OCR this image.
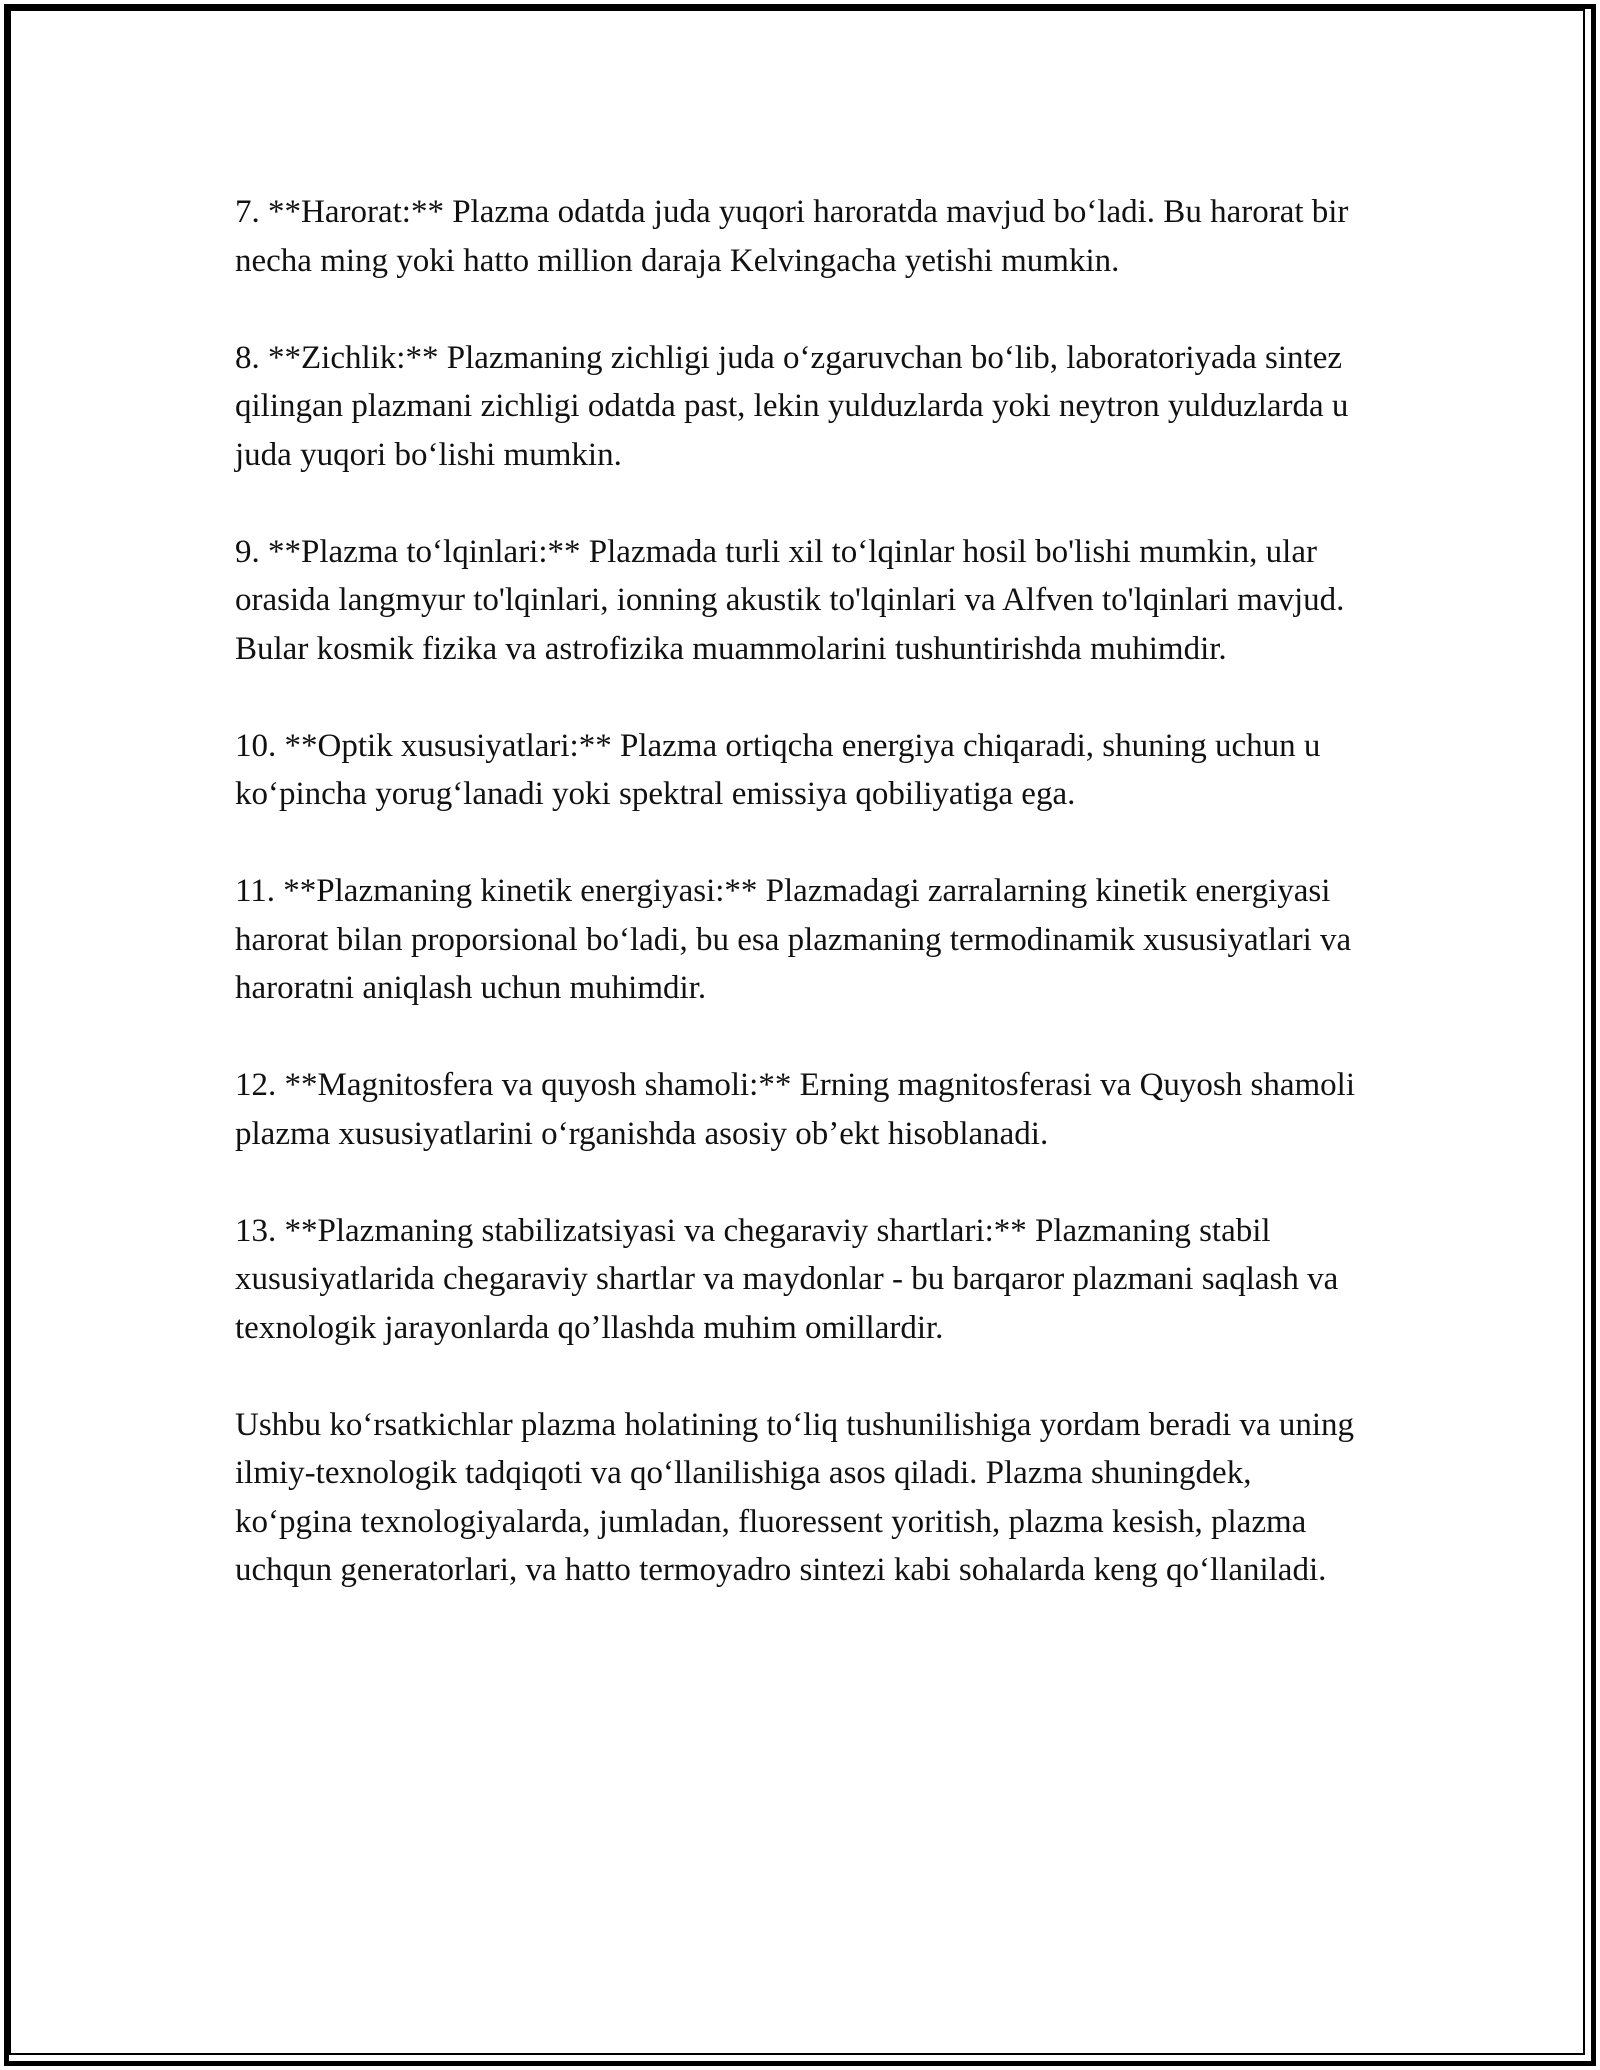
7. **Harorat:** Plazma odatda juda yuqori haroratda mavjud boʻladi. Bu harorat bir necha ming yoki hatto million daraja Kelvingacha yetishi mumkin.

8. **Zichlik:** Plazmaning zichligi juda oʻzgaruvchan boʻlib, laboratoriyada sintez qilingan plazmani zichligi odatda past, lekin yulduzlarda yoki neytron yulduzlarda u juda yuqori boʻlishi mumkin.

9. **Plazma toʻlqinlari:** Plazmada turli xil toʻlqinlar hosil bo'lishi mumkin, ular orasida langmyur to'lqinlari, ionning akustik to'lqinlari va Alfven to'lqinlari mavjud. Bular kosmik fizika va astrofizika muammolarini tushuntirishda muhimdir.

10. **Optik xususiyatlari:** Plazma ortiqcha energiya chiqaradi, shuning uchun u koʻpincha yorugʻlanadi yoki spektral emissiya qobiliyatiga ega.

11. **Plazmaning kinetik energiyasi:** Plazmadagi zarralarning kinetik energiyasi harorat bilan proporsional boʻladi, bu esa plazmaning termodinamik xususiyatlari va haroratni aniqlash uchun muhimdir.

12. **Magnitosfera va quyosh shamoli:** Erning magnitosferasi va Quyosh shamoli plazma xususiyatlarini oʻrganishda asosiy obʼekt hisoblanadi.

13. **Plazmaning stabilizatsiyasi va chegaraviy shartlari:** Plazmaning stabil xususiyatlarida chegaraviy shartlar va maydonlar - bu barqaror plazmani saqlash va texnologik jarayonlarda qoʼllashda muhim omillardir.

Ushbu koʻrsatkichlar plazma holatining toʻliq tushunilishiga yordam beradi va uning ilmiy-texnologik tadqiqoti va qoʻllanilishiga asos qiladi. Plazma shuningdek, koʻpgina texnologiyalarda, jumladan, fluoressent yoritish, plazma kesish, plazma uchqun generatorlari, va hatto termoyadro sintezi kabi sohalarda keng qoʻllaniladi.
